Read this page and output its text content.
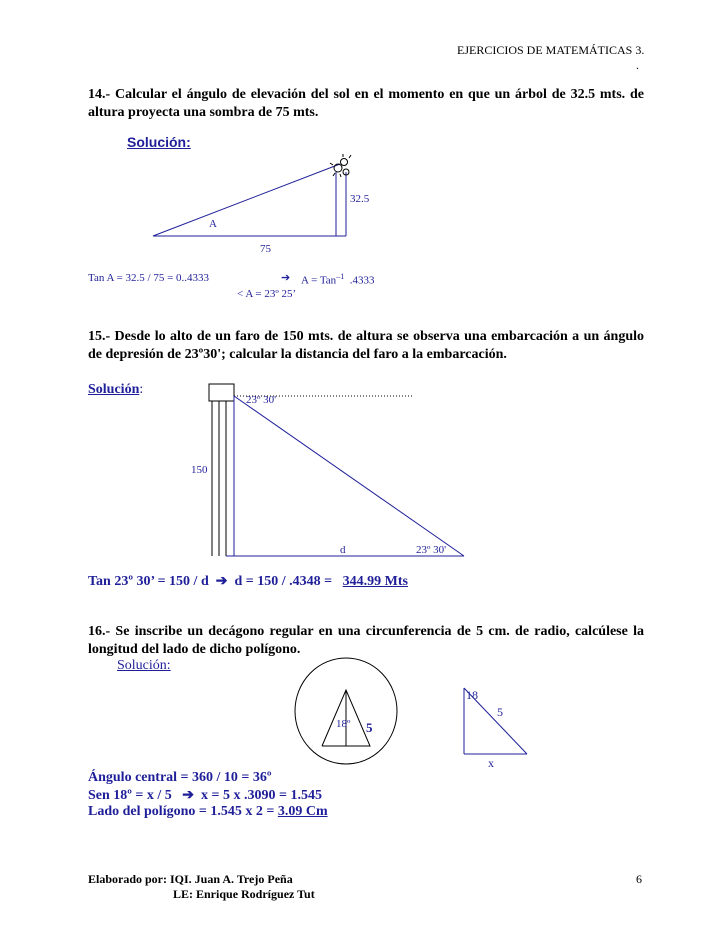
EJERCICIOS DE MATEMÁTICAS 3.
.
14.- Calcular el ángulo de elevación del sol en el momento en que un árbol de 32.5 mts. de altura proyecta una sombra de 75 mts.
Solución:
32.5
A
75
Tan A = 32.5 / 75 = 0..4333	➔ A = Tan$^{-1}$ .4333
< A = 23º 25’
15.- Desde lo alto de un faro de 150 mts. de altura se observa una embarcación a un ángulo de depresión de 23º30'; calcular la distancia del faro a la embarcación.
Solución:
23º 30'
150
d	23º 30'
Tan 23º 30’ = 150 / d ➔ d = 150 / .4348 = 344.99 Mts
16.- Se inscribe un decágono regular en una circunferencia de 5 cm. de radio, calcúlese la longitud del lado de dicho polígono.
Solución:
18º 5
18
5
x
Ángulo central = 360 / 10 = 36º
Sen 18º = x / 5 ➔ x = 5 x .3090 = 1.545
Lado del polígono = 1.545 x 2 = 3.09 Cm
Elaborado por: IQI. Juan A. Trejo Peña
LE: Enrique Rodríguez Tut
6
